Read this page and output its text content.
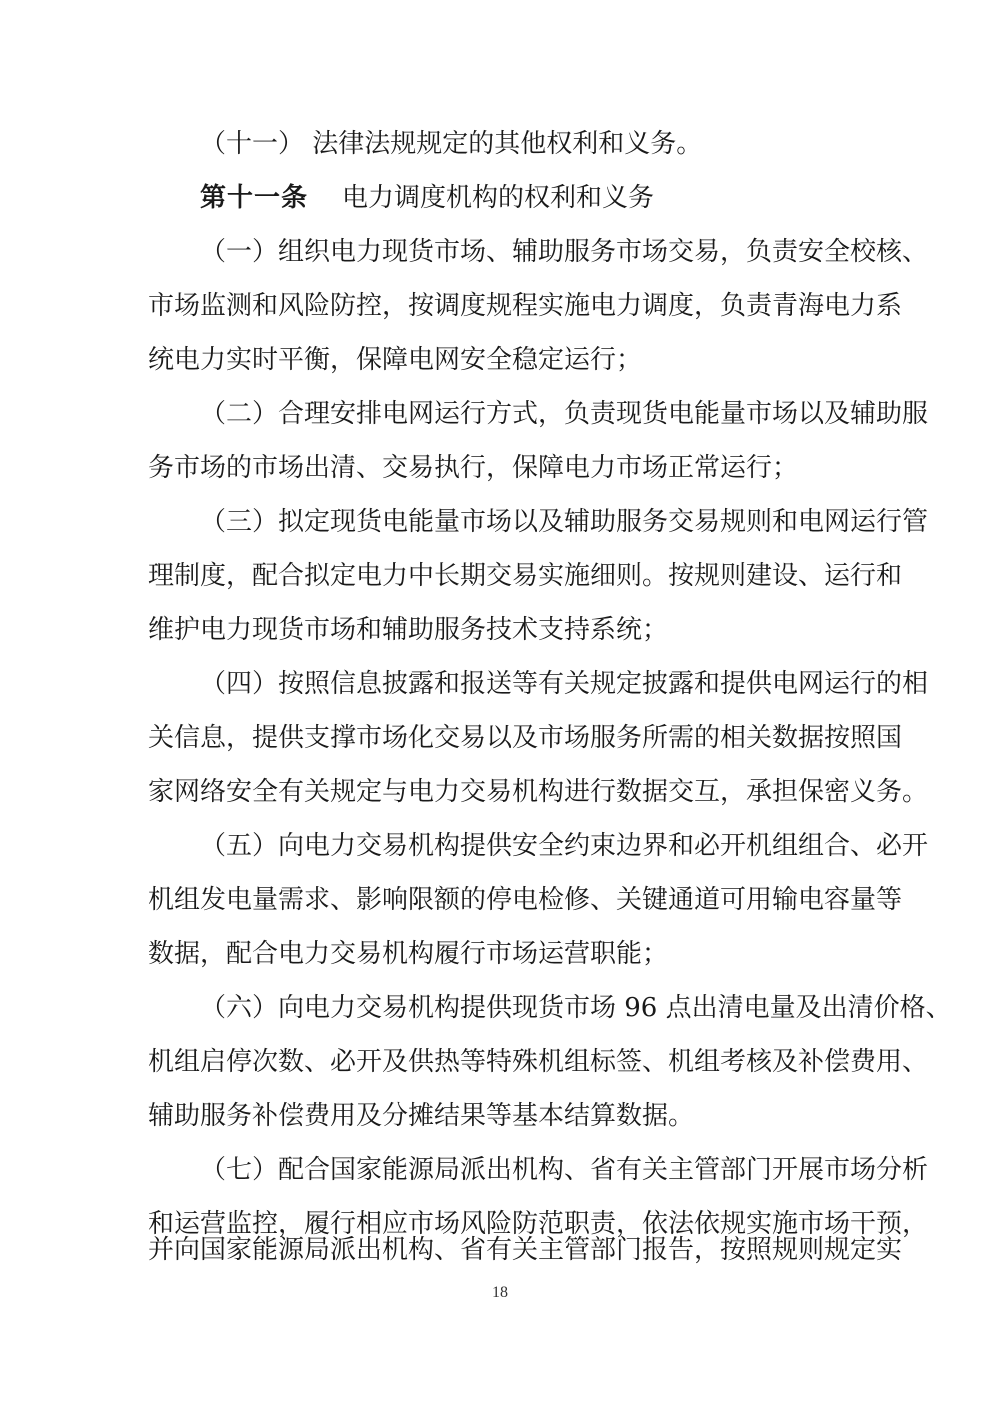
（十一） 法律法规规定的其他权利和义务。
第十一条 电力调度机构的权利和义务
（一）组织电力现货市场、辅助服务市场交易，负责安全校核、
市场监测和风险防控，按调度规程实施电力调度，负责青海电力系
统电力实时平衡，保障电网安全稳定运行；
（二）合理安排电网运行方式，负责现货电能量市场以及辅助服
务市场的市场出清、交易执行，保障电力市场正常运行；
（三）拟定现货电能量市场以及辅助服务交易规则和电网运行管
理制度，配合拟定电力中长期交易实施细则。按规则建设、运行和
维护电力现货市场和辅助服务技术支持系统；
（四）按照信息披露和报送等有关规定披露和提供电网运行的相
关信息，提供支撑市场化交易以及市场服务所需的相关数据按照国
家网络安全有关规定与电力交易机构进行数据交互，承担保密义务。
（五）向电力交易机构提供安全约束边界和必开机组组合、必开
机组发电量需求、影响限额的停电检修、关键通道可用输电容量等
数据，配合电力交易机构履行市场运营职能；
（六）向电力交易机构提供现货市场 96 点出清电量及出清价格、
机组启停次数、必开及供热等特殊机组标签、机组考核及补偿费用、
辅助服务补偿费用及分摊结果等基本结算数据。
（七）配合国家能源局派出机构、省有关主管部门开展市场分析
和运营监控，履行相应市场风险防范职责，依法依规实施市场干预，
并向国家能源局派出机构、省有关主管部门报告，按照规则规定实
18
